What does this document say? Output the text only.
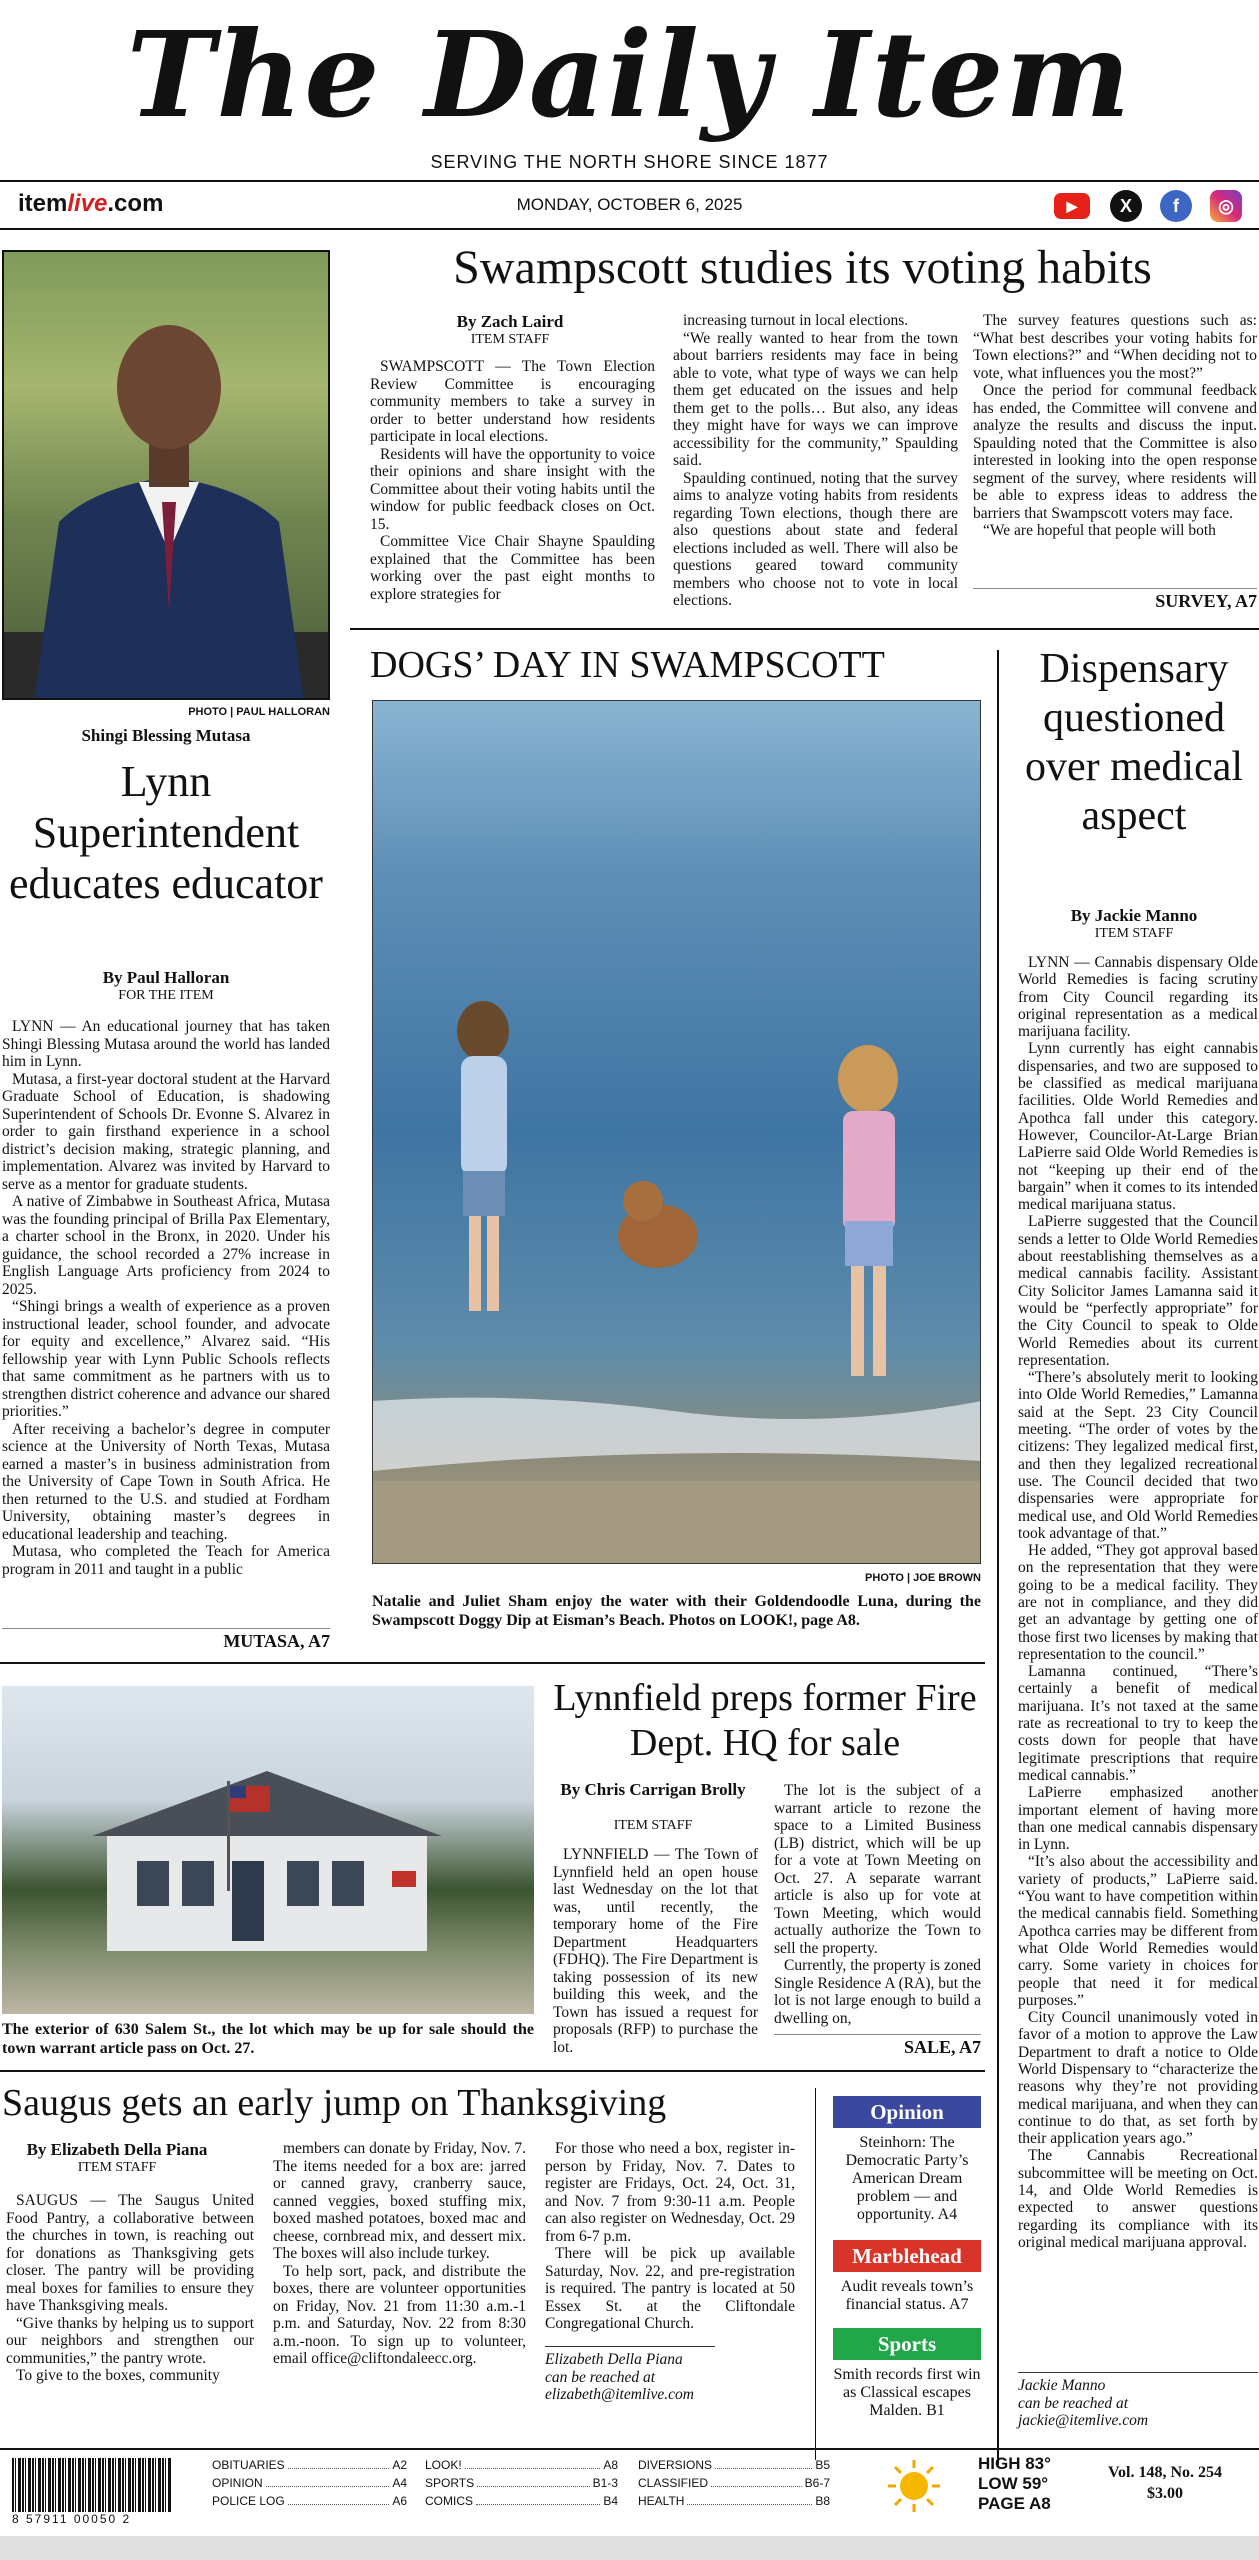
The Daily Item
SERVING THE NORTH SHORE SINCE 1877
itemlive.com	MONDAY, OCTOBER 6, 2025	▶	X	f	◎
PHOTO | PAUL HALLORAN
Shingi Blessing Mutasa
Lynn Superintendent educates educator
By Paul Halloran
FOR THE ITEM

LYNN — An educational journey that has taken Shingi Blessing Mutasa around the world has landed him in Lynn.

Mutasa, a first-year doctoral student at the Harvard Graduate School of Education, is shadowing Superintendent of Schools Dr. Evonne S. Alvarez in order to gain firsthand experience in a school district’s decision making, strategic planning, and implementation. Alvarez was invited by Harvard to serve as a mentor for graduate students.

A native of Zimbabwe in Southeast Africa, Mutasa was the founding principal of Brilla Pax Elementary, a charter school in the Bronx, in 2020. Under his guidance, the school recorded a 27% increase in English Language Arts proficiency from 2024 to 2025.

“Shingi brings a wealth of experience as a proven instructional leader, school founder, and advocate for equity and excellence,” Alvarez said. “His fellowship year with Lynn Public Schools reflects that same commitment as he partners with us to strengthen district coherence and advance our shared priorities.”

After receiving a bachelor’s degree in computer science at the University of North Texas, Mutasa earned a master’s in business administration from the University of Cape Town in South Africa. He then returned to the U.S. and studied at Fordham University, obtaining master’s degrees in educational leadership and teaching.

Mutasa, who completed the Teach for America program in 2011 and taught in a public

MUTASA, A7
Swampscott studies its voting habits
By Zach Laird
ITEM STAFF

SWAMPSCOTT — The Town Election Review Committee is encouraging community members to take a survey in order to better understand how residents participate in local elections.

Residents will have the opportunity to voice their opinions and share insight with the Committee about their voting habits until the window for public feedback closes on Oct. 15.

Committee Vice Chair Shayne Spaulding explained that the Committee has been working over the past eight months to explore strategies for

increasing turnout in local elections.

“We really wanted to hear from the town about barriers residents may face in being able to vote, what type of ways we can help them get educated on the issues and help them get to the polls… But also, any ideas they might have for ways we can improve accessibility for the community,” Spaulding said.

Spaulding continued, noting that the survey aims to analyze voting habits from residents regarding Town elections, though there are also questions about state and federal elections included as well. There will also be questions geared toward community members who choose not to vote in local elections.

The survey features questions such as: “What best describes your voting habits for Town elections?” and “When deciding not to vote, what influences you the most?”

Once the period for communal feedback has ended, the Committee will convene and analyze the results and discuss the input. Spaulding noted that the Committee is also interested in looking into the open response segment of the survey, where residents will be able to express ideas to address the barriers that Swampscott voters may face.

“We are hopeful that people will both

SURVEY, A7
DOGS’ DAY IN SWAMPSCOTT
PHOTO | JOE BROWN
Natalie and Juliet Sham enjoy the water with their Goldendoodle Luna, during the Swampscott Doggy Dip at Eisman’s Beach. Photos on LOOK!, page A8.
Dispensary questioned over medical aspect
By Jackie Manno
ITEM STAFF

LYNN — Cannabis dispensary Olde World Remedies is facing scrutiny from City Council regarding its original representation as a medical marijuana facility.

Lynn currently has eight cannabis dispensaries, and two are supposed to be classified as medical marijuana facilities. Olde World Remedies and Apothca fall under this category. However, Councilor-At-Large Brian LaPierre said Olde World Remedies is not “keeping up their end of the bargain” when it comes to its intended medical marijuana status.

LaPierre suggested that the Council sends a letter to Olde World Remedies about reestablishing themselves as a medical cannabis facility. Assistant City Solicitor James Lamanna said it would be “perfectly appropriate” for the City Council to speak to Olde World Remedies about its current representation.

“There’s absolutely merit to looking into Olde World Remedies,” Lamanna said at the Sept. 23 City Council meeting. “The order of votes by the citizens: They legalized medical first, and then they legalized recreational use. The Council decided that two dispensaries were appropriate for medical use, and Old World Remedies took advantage of that.”

He added, “They got approval based on the representation that they were going to be a medical facility. They are not in compliance, and they did get an advantage by getting one of those first two licenses by making that representation to the council.”

Lamanna continued, “There’s certainly a benefit of medical marijuana. It’s not taxed at the same rate as recreational to try to keep the costs down for people that have legitimate prescriptions that require medical cannabis.”

LaPierre emphasized another important element of having more than one medical cannabis dispensary in Lynn.

“It’s also about the accessibility and variety of products,” LaPierre said. “You want to have competition within the medical cannabis field. Something Apothca carries may be different from what Olde World Remedies would carry. Some variety in choices for people that need it for medical purposes.”

City Council unanimously voted in favor of a motion to approve the Law Department to draft a notice to Olde World Dispensary to “characterize the reasons why they’re not providing medical marijuana, and when they can continue to do that, as set forth by their application years ago.”

The Cannabis Recreational subcommittee will be meeting on Oct. 14, and Olde World Remedies is expected to answer questions regarding its compliance with its original medical marijuana approval.

Jackie Manno
can be reached at
jackie@itemlive.com
The exterior of 630 Salem St., the lot which may be up for sale should the town warrant article pass on Oct. 27.
Lynnfield preps former Fire Dept. HQ for sale
By Chris Carrigan Brolly
ITEM STAFF

LYNNFIELD — The Town of Lynnfield held an open house last Wednesday on the lot that was, until recently, the temporary home of the Fire Department Headquarters (FDHQ). The Fire Department is taking possession of its new building this week, and the Town has issued a request for proposals (RFP) to purchase the lot.

The lot is the subject of a warrant article to rezone the space to a Limited Business (LB) district, which will be up for a vote at Town Meeting on Oct. 27. A separate warrant article is also up for vote at Town Meeting, which would actually authorize the Town to sell the property.

Currently, the property is zoned Single Residence A (RA), but the lot is not large enough to build a dwelling on,

SALE, A7
Saugus gets an early jump on Thanksgiving
By Elizabeth Della Piana
ITEM STAFF

SAUGUS — The Saugus United Food Pantry, a collaborative between the churches in town, is reaching out for donations as Thanksgiving gets closer. The pantry will be providing meal boxes for families to ensure they have Thanksgiving meals.

“Give thanks by helping us to support our neighbors and strengthen our communities,” the pantry wrote.

To give to the boxes, community

members can donate by Friday, Nov. 7. The items needed for a box are: jarred or canned gravy, cranberry sauce, canned veggies, boxed stuffing mix, boxed mashed potatoes, boxed mac and cheese, cornbread mix, and dessert mix. The boxes will also include turkey.

To help sort, pack, and distribute the boxes, there are volunteer opportunities on Friday, Nov. 21 from 11:30 a.m.-1 p.m. and Saturday, Nov. 22 from 8:30 a.m.-noon. To sign up to volunteer, email office@cliftondaleecc.org.

For those who need a box, register in-person by Friday, Nov. 7. Dates to register are Fridays, Oct. 24, Oct. 31, and Nov. 7 from 9:30-11 a.m. People can also register on Wednesday, Oct. 29 from 6-7 p.m.

There will be pick up available Saturday, Nov. 22, and pre-registration is required. The pantry is located at 50 Essex St. at the Cliftondale Congregational Church.

Elizabeth Della Piana
can be reached at
elizabeth@itemlive.com
Opinion
Steinhorn: The Democratic Party’s American Dream problem — and opportunity. A4
Marblehead
Audit reveals town’s financial status. A7
Sports
Smith records first win as Classical escapes Malden. B1
8 57911 00050 2
OBITUARIES	A2
OPINION	A4
POLICE LOG	A6
LOOK!	A8
SPORTS	B1-3
COMICS	B4
DIVERSIONS	B5
CLASSIFIED	B6-7
HEALTH	B8
HIGH 83°
LOW 59°
PAGE A8
Vol. 148, No. 254
$3.00
